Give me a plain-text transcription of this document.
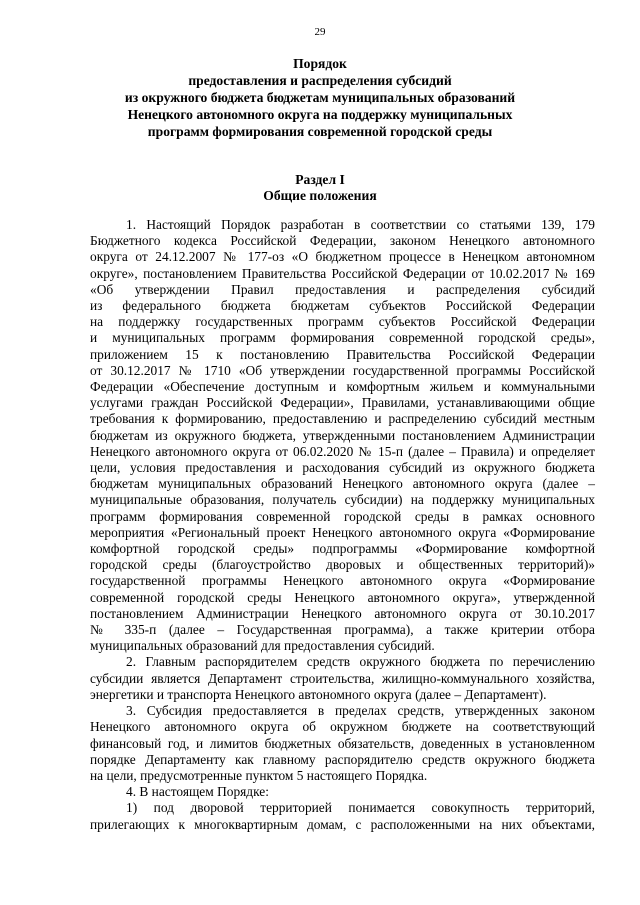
29
Порядок
предоставления и распределения субсидий
из окружного бюджета бюджетам муниципальных образований
Ненецкого автономного округа на поддержку муниципальных
программ формирования современной городской среды
Раздел I
Общие положения

1. Настоящий Порядок разработан в соответствии со статьями 139, 179
Бюджетного кодекса Российской Федерации, законом Ненецкого автономного
округа от 24.12.2007 № 177-оз «О бюджетном процессе в Ненецком автономном
округе», постановлением Правительства Российской Федерации от 10.02.2017 № 169
«Об утверждении Правил предоставления и распределения субсидий
из федерального бюджета бюджетам субъектов Российской Федерации
на поддержку государственных программ субъектов Российской Федерации
и муниципальных программ формирования современной городской среды»,
приложением 15 к постановлению Правительства Российской Федерации
от 30.12.2017 № 1710 «Об утверждении государственной программы Российской
Федерации «Обеспечение доступным и комфортным жильем и коммунальными
услугами граждан Российской Федерации», Правилами, устанавливающими общие
требования к формированию, предоставлению и распределению субсидий местным
бюджетам из окружного бюджета, утвержденными постановлением Администрации
Ненецкого автономного округа от 06.02.2020 № 15-п (далее – Правила) и определяет
цели, условия предоставления и расходования субсидий из окружного бюджета
бюджетам муниципальных образований Ненецкого автономного округа (далее –
муниципальные образования, получатель субсидии) на поддержку муниципальных
программ формирования современной городской среды в рамках основного
мероприятия «Региональный проект Ненецкого автономного округа «Формирование
комфортной городской среды» подпрограммы «Формирование комфортной
городской среды (благоустройство дворовых и общественных территорий)»
государственной программы Ненецкого автономного округа «Формирование
современной городской среды Ненецкого автономного округа», утвержденной
постановлением Администрации Ненецкого автономного округа от 30.10.2017
№ 335-п (далее – Государственная программа), а также критерии отбора
муниципальных образований для предоставления субсидий.

2. Главным распорядителем средств окружного бюджета по перечислению
субсидии является Департамент строительства, жилищно-коммунального хозяйства,
энергетики и транспорта Ненецкого автономного округа (далее – Департамент).

3. Субсидия предоставляется в пределах средств, утвержденных законом
Ненецкого автономного округа об окружном бюджете на соответствующий
финансовый год, и лимитов бюджетных обязательств, доведенных в установленном
порядке Департаменту как главному распорядителю средств окружного бюджета
на цели, предусмотренные пунктом 5 настоящего Порядка.

4. В настоящем Порядке:

1) под дворовой территорией понимается совокупность территорий,
прилегающих к многоквартирным домам, с расположенными на них объектами,
